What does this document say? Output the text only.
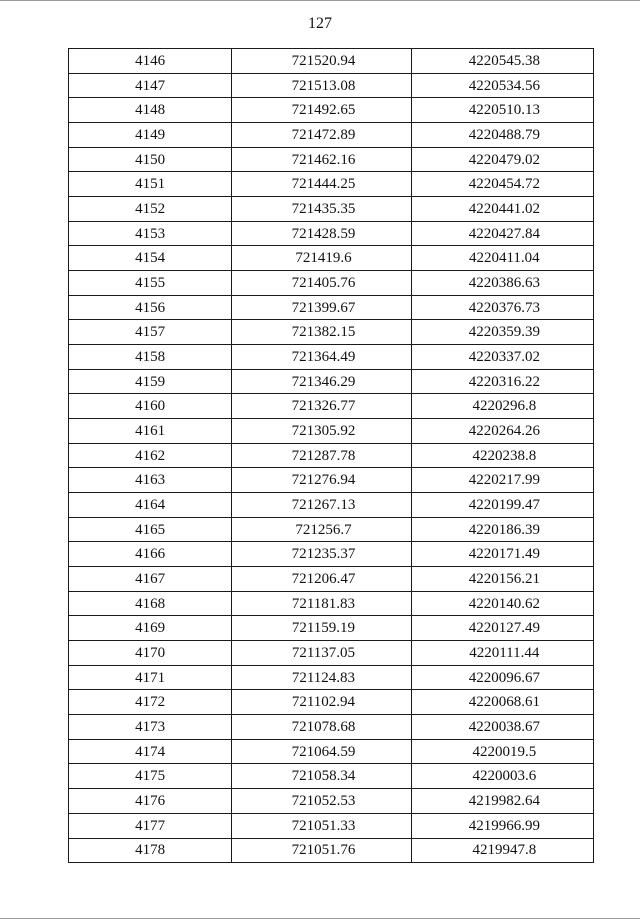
127
4146	721520.94	4220545.38
4147	721513.08	4220534.56
4148	721492.65	4220510.13
4149	721472.89	4220488.79
4150	721462.16	4220479.02
4151	721444.25	4220454.72
4152	721435.35	4220441.02
4153	721428.59	4220427.84
4154	721419.6	4220411.04
4155	721405.76	4220386.63
4156	721399.67	4220376.73
4157	721382.15	4220359.39
4158	721364.49	4220337.02
4159	721346.29	4220316.22
4160	721326.77	4220296.8
4161	721305.92	4220264.26
4162	721287.78	4220238.8
4163	721276.94	4220217.99
4164	721267.13	4220199.47
4165	721256.7	4220186.39
4166	721235.37	4220171.49
4167	721206.47	4220156.21
4168	721181.83	4220140.62
4169	721159.19	4220127.49
4170	721137.05	4220111.44
4171	721124.83	4220096.67
4172	721102.94	4220068.61
4173	721078.68	4220038.67
4174	721064.59	4220019.5
4175	721058.34	4220003.6
4176	721052.53	4219982.64
4177	721051.33	4219966.99
4178	721051.76	4219947.8
